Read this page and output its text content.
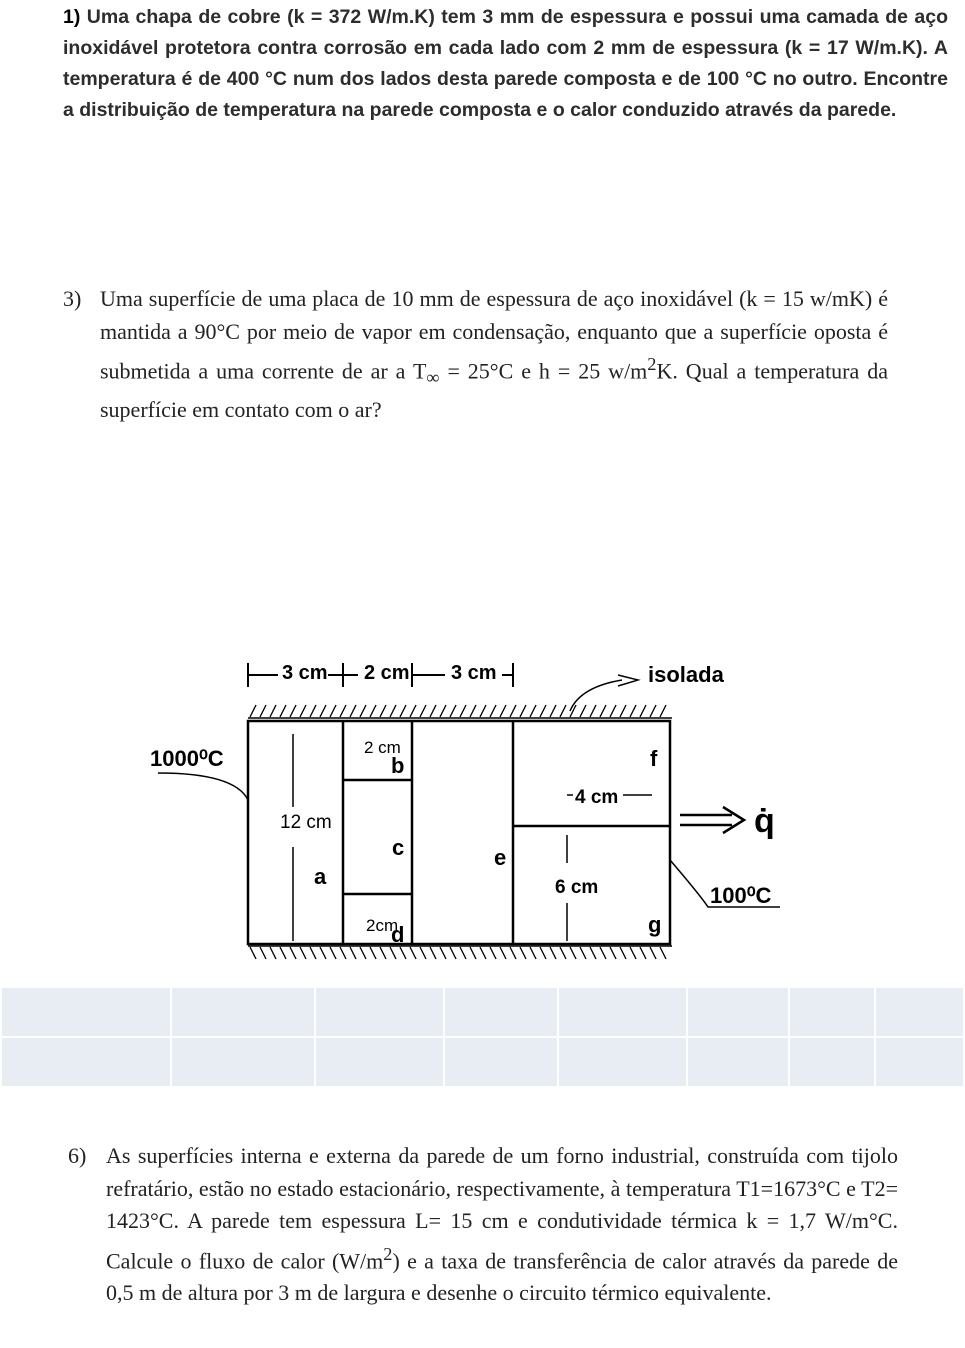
1) Uma chapa de cobre (k = 372 W/m.K) tem 3 mm de espessura e possui uma camada de aço inoxidável protetora contra corrosão em cada lado com 2 mm de espessura (k = 17 W/m.K). A temperatura é de 400 °C num dos lados desta parede composta e de 100 °C no outro. Encontre a distribuição de temperatura na parede composta e o calor conduzido através da parede.
3) Uma superfície de uma placa de 10 mm de espessura de aço inoxidável (k = 15 w/mK) é mantida a 90°C por meio de vapor em condensação, enquanto que a superfície oposta é submetida a uma corrente de ar a $T_\infty = 25^\circ C$ e h = 25 $w/m^2K$. Qual a temperatura da superfície em contato com o ar?
3 cm 2 cm 3 cm	isolada
1000⁰C
100⁰C
12 cm
2 cm
2cm
4 cm
6 cm
a
b
c
d
e
f
g
q̇

6) As superfícies interna e externa da parede de um forno industrial, construída com tijolo refratário, estão no estado estacionário, respectivamente, à temperatura T1=1673°C e T2= 1423°C. A parede tem espessura L= 15 cm e condutividade térmica k = 1,7 W/m°C. Calcule o fluxo de calor $(W/m^2)$ e a taxa de transferência de calor através da parede de 0,5 m de altura por 3 m de largura e desenhe o circuito térmico equivalente.
